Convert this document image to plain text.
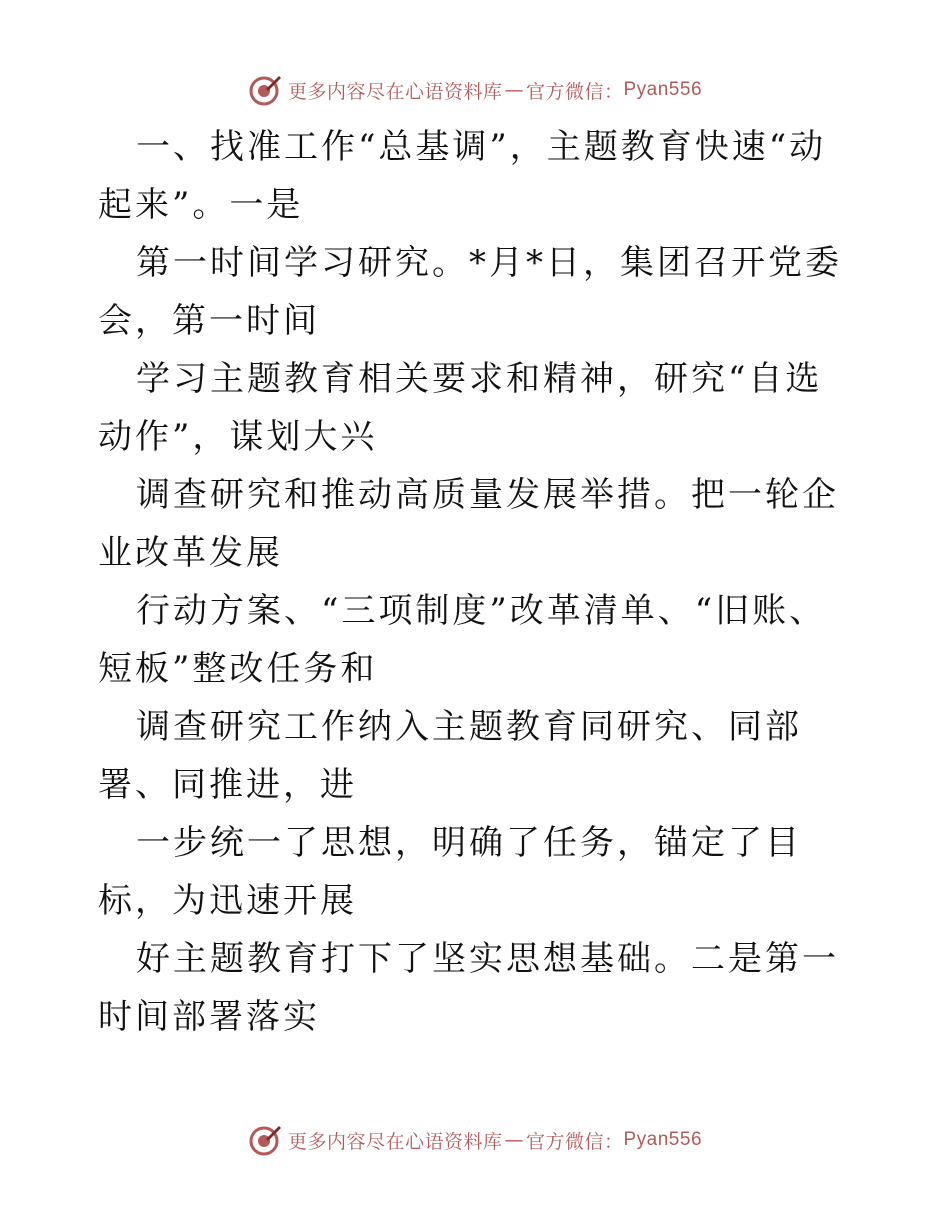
更多内容尽在心语资料库 — 官方微信： Pyan556

一、找准工作“总基调”，主题教育快速“动起来”。一是

第一时间学习研究。*月*日，集团召开党委会，第一时间

学习主题教育相关要求和精神，研究“自选动作”，谋划大兴

调查研究和推动高质量发展举措。把一轮企业改革发展

行动方案、“三项制度”改革清单、“旧账、短板”整改任务和

调查研究工作纳入主题教育同研究、同部署、同推进，进

一步统一了思想，明确了任务，锚定了目标，为迅速开展

好主题教育打下了坚实思想基础。二是第一时间部署落实

更多内容尽在心语资料库 — 官方微信： Pyan556
